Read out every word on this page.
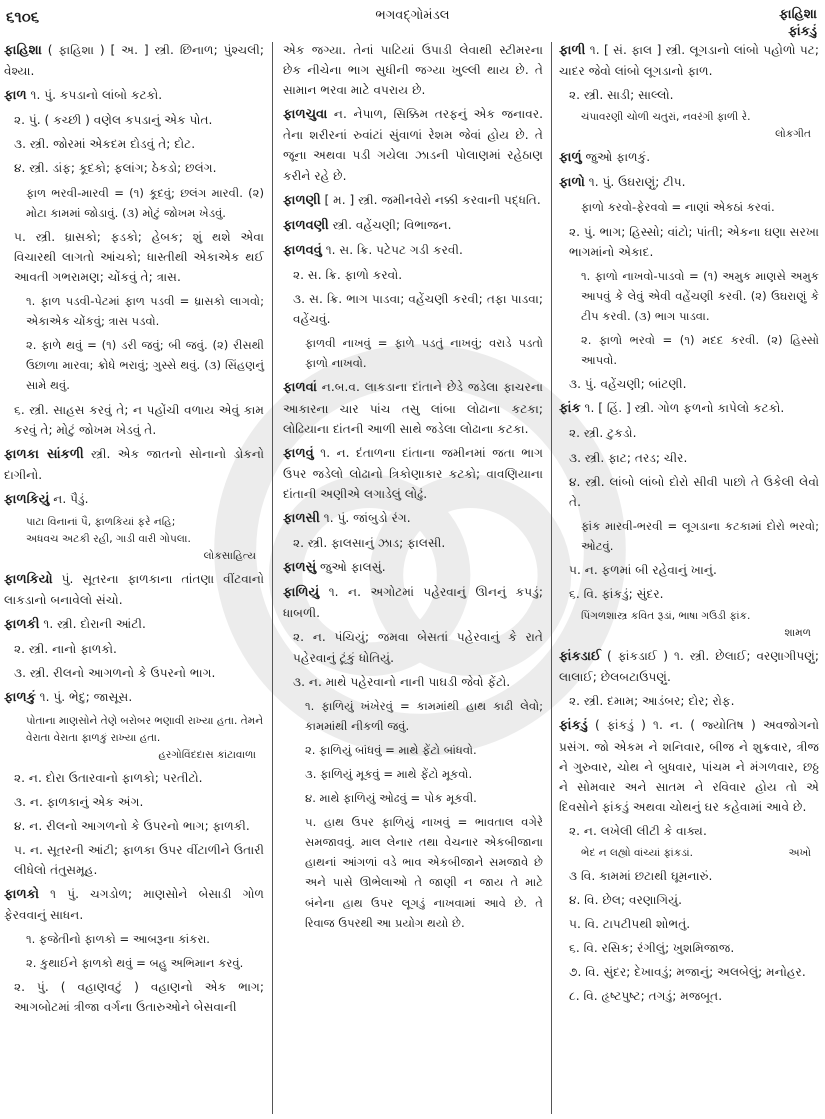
૬૧૦૬	ભગવદ્ગોમંડલ	ફાહિશા
ફાંકડું
ફાહિશા ( ફાહિશા ) [ અ. ] સ્ત્રી. છિનાળ; પુંશ્ચલી; વેશ્યા.
ફાળ ૧. પું. કપડાનો લાંબો કટકો.
૨. પું. ( કચ્છી ) વણેલ કપડાનું એક પોત.
૩. સ્ત્રી. જોરમાં એકદમ દોડવું તે; દોટ.
૪. સ્ત્રી. ડાંફ; કૂદકો; ફલાંગ; ઠેકડો; છલંગ.
ફાળ ભરવી-મારવી = (૧) કૂદવું; છલંગ મારવી. (૨) મોટા કામમાં જોડાવું. (૩) મોટું જોખમ ખેડવું.
૫. સ્ત્રી. ધ્રાસકો; ફડકો; હેબક; શું થશે એવા વિચારથી લાગતો આંચકો; ધાસ્તીથી એકાએક થઈ આવતી ગભરામણ; ચોંકવું તે; ત્રાસ.
૧. ફાળ પડવી-પેટમાં ફાળ પડવી = ધ્રાસકો લાગવો; એકાએક ચોંકવું; ત્રાસ પડવો.
૨. ફાળે થવું = (૧) ડરી જવું; બી જવું. (૨) રીસથી ઉછાળા મારવા; ક્રોધે ભરાવું; ગુસ્સે થવું. (૩) સિંહણનું સામે થવું.
૬. સ્ત્રી. સાહસ કરવું તે; ન પહોંચી વળાય એવું કામ કરવું તે; મોટું જોખમ ખેડવું તે.
ફાળકા સાંકળી સ્ત્રી. એક જાતનો સોનાનો ડોકનો દાગીનો.
ફાળકિયું ન. પૈડું.
પાટા વિનાનાં પૈ, ફાળકિયાં ફરે નહિ;
અધવચ અટકી રહી, ગાડી વારી ગોપલા.
લોકસાહિત્ય
ફાળકિયો પું. સૂતરના ફાળકાના તાંતણા વીંટવાનો લાકડાનો બનાવેલો સંચો.
ફાળકી ૧. સ્ત્રી. દોરાની આંટી.
૨. સ્ત્રી. નાનો ફાળકો.
૩. સ્ત્રી. રીલનો આગળનો કે ઉપરનો ભાગ.
ફાળકું ૧. પું. ભેદુ; જાસૂસ.
પોતાના માણસોને તેણે બરોબર ભણાવી રાખ્યા હતા. તેમને વેરાતા વેરાતા ફાળકું રાખ્યા હતા.
હરગોવિંદદાસ કાંટાવાળા
૨. ન. દોરા ઉતારવાનો ફાળકો; પરતીટો.
૩. ન. ફાળકાનું એક અંગ.
૪. ન. રીલનો આગળનો કે ઉપરનો ભાગ; ફાળકી.
૫. ન. સૂતરની આંટી; ફાળકા ઉપર વીંટાળીને ઉતારી લીધેલો તંતુસમૂહ.
ફાળકો ૧ પું. ચગડોળ; માણસોને બેસાડી ગોળ ફેરવવાનું સાધન.
૧. ફજેતીનો ફાળકો = આબરૂના કાંકરા.
૨. કુથાઈને ફાળકો થવું = બહુ અભિમાન કરવું.
૨. પું. ( વહાણવટું ) વહાણનો એક ભાગ; આગબોટમાં ત્રીજા વર્ગના ઉતારુઓને બેસવાની
એક જગ્યા. તેનાં પાટિયાં ઉપાડી લેવાથી સ્ટીમરના છેક નીચેના ભાગ સુધીની જગ્યા ખુલ્લી થાય છે. તે સામાન ભરવા માટે વપરાય છે.
ફાળચુવા ન. નેપાળ, સિક્કિમ તરફનું એક જનાવર. તેના શરીરનાં રુવાંટાં સુંવાળાં રેશમ જેવાં હોય છે. તે જૂના અથવા પડી ગયેલા ઝાડની પોલાણમાં રહેઠાણ કરીને રહે છે.
ફાળણી [ મ. ] સ્ત્રી. જમીનવેરો નક્કી કરવાની પદ્ધતિ.
ફાળવણી સ્ત્રી. વહેંચણી; વિભાજન.
ફાળવવું ૧. સ. ક્રિ. પટેપટ ગડી કરવી.
૨. સ. ક્રિ. ફાળો કરવો.
૩. સ. ક્રિ. ભાગ પાડવા; વહેંચણી કરવી; તફા પાડવા; વહેંચવું.
ફાળવી નાખવું = ફાળે પડતું નાખવું; વરાડે પડતો ફાળો નાખવો.
ફાળવાં ન.બ.વ. લાકડાના દાંતાને છેડે જડેલા ફાચરના આકારના ચાર પાંચ તસુ લાંબા લોઢાના કટકા; લોઢિયાના દાંતની આળી સાથે જડેલા લોઢાના કટકા.
ફાળવું ૧. ન. દંતાળના દાંતાના જમીનમાં જતા ભાગ ઉપર જડેલો લોઢાનો ત્રિકોણાકાર કટકો; વાવણિયાના દાંતાની અણીએ લગાડેલું લોઢું.
ફાળસી ૧. પું. જાંબુડો રંગ.
૨. સ્ત્રી. ફાલસાનું ઝાડ; ફાલસી.
ફાળસું જુઓ ફાલસું.
ફાળિયું ૧. ન. અગોટમાં પહેરવાનું ઊનનું કપડું; ધાબળી.
૨. ન. પંચિયું; જમવા બેસતાં પહેરવાનું કે રાતે પહેરવાનું ટૂંકું ધોતિયું.
૩. ન. માથે પહેરવાનો નાની પાઘડી જેવો ફેંટો.
૧. ફાળિયું ખંખેરવું = કામમાંથી હાથ કાઢી લેવો; કામમાંથી નીકળી જવું.
૨. ફાળિયું બાંધવું = માથે ફેંટો બાંધવો.
૩. ફાળિયું મૂકવું = માથે ફેંટો મૂકવો.
૪. માથે ફાળિયું ઓઢવું = પોક મૂકવી.
૫. હાથ ઉપર ફાળિયું નાખવું = ભાવતાલ વગેરે સમજાવવું. માલ લેનાર તથા વેચનાર એકબીજાના હાથનાં આંગળાં વડે ભાવ એકબીજાને સમજાવે છે અને પાસે ઊભેલાઓ તે જાણી ન જાય તે માટે બંનેના હાથ ઉપર લૂગડું નાખવામાં આવે છે. તે રિવાજ ઉપરથી આ પ્રયોગ થયો છે.
ફાળી ૧. [ સં. ફાલ ] સ્ત્રી. લૂગડાનો લાંબો પહોળો પટ; ચાદર જેવો લાંબો લૂગડાનો ફાળ.
૨. સ્ત્રી. સાડી; સાલ્લો.
ચંપાવરણી ચોળી ચતુરાં, નવરંગી ફાળી રે.
લોકગીત
ફાળું જુઓ ફાળકું.
ફાળો ૧. પું. ઉઘરાણું; ટીપ.
ફાળો કરવો-ફેરવવો = નાણાં એકઠાં કરવાં.
૨. પું. ભાગ; હિસ્સો; વાંટો; પાંતી; એકના ઘણા સરખા ભાગમાંનો એકાદ.
૧. ફાળો નાખવો-પાડવો = (૧) અમુક માણસે અમુક આપવું કે લેવું એવી વહેંચણી કરવી. (૨) ઉઘરાણું કે ટીપ કરવી. (૩) ભાગ પાડવા.
૨. ફાળો ભરવો = (૧) મદદ કરવી. (૨) હિસ્સો આપવો.
૩. પું. વહેંચણી; બાંટણી.
ફાંક ૧. [ હિં. ] સ્ત્રી. ગોળ ફળનો કાપેલો કટકો.
૨. સ્ત્રી. ટુકડો.
૩. સ્ત્રી. ફાટ; તરડ; ચીર.
૪. સ્ત્રી. લાંબો લાંબો દોરો સીવી પાછો તે ઉકેલી લેવો તે.
ફાંક મારવી-ભરવી = લૂગડાના કટકામાં દોરો ભરવો; ઓટવું.
૫. ન. ફળમાં બી રહેવાનું ખાનું.
૬. વિ. ફાંકડું; સુંદર.
પિંગળશાસ્ત્ર કવિત રૂડાં, ભાષા ગઉડી ફાંક.
શામળ
ફાંકડાઈ ( ફાંકડાઈ ) ૧. સ્ત્રી. છેલાઈ; વરણાગીપણું; લાલાઈ; છેલબટાઉપણું.
૨. સ્ત્રી. દમામ; આડંબર; દોર; રોફ.
ફાંકડું ( ફાંકડું ) ૧. ન. ( જ્યોતિષ ) અવજોગનો પ્રસંગ. જો એકમ ને શનિવાર, બીજ ને શુક્રવાર, ત્રીજ ને ગુરુવાર, ચોથ ને બુધવાર, પાંચમ ને મંગળવાર, છઠ્ઠ ને સોમવાર અને સાતમ ને રવિવાર હોય તો એ દિવસોને ફાંકડું અથવા ચોથનું ઘર કહેવામાં આવે છે.
૨. ન. લખેલી લીટી કે વાક્ય.
ભેદ ન લહ્યો વાંચ્યાં ફાંકડાં.	અખો
૩ વિ. કામમાં છટાથી ઘૂમનારું.
૪. વિ. છેલ; વરણાગિયું.
૫. વિ. ટાપટીપથી શોભતું.
૬. વિ. રસિક; રંગીલું; ખુશમિજાજ.
૭. વિ. સુંદર; દેખાવડું; મજાનું; અલબેલું; મનોહર.
૮. વિ. હૃષ્ટપુષ્ટ; તગડું; મજબૂત.
